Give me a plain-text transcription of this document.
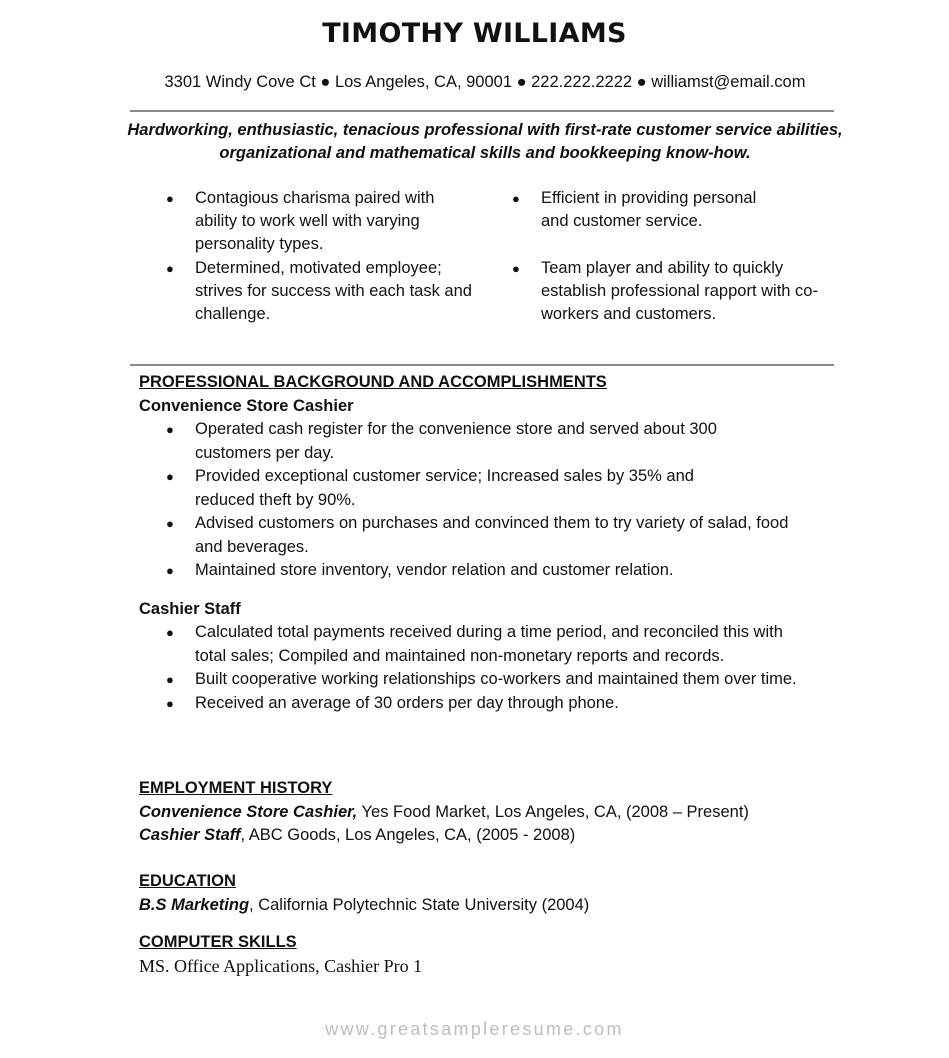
TIMOTHY WILLIAMS
3301 Windy Cove Ct ● Los Angeles, CA, 90001 ● 222.222.2222 ● williamst@email.com
Hardworking, enthusiastic, tenacious professional with first-rate customer service abilities,
organizational and mathematical skills and bookkeeping know-how.
● Contagious charisma paired with ability to work well with varying personality types.
● Determined, motivated employee; strives for success with each task and challenge.
● Efficient in providing personal and customer service.
● Team player and ability to quickly establish professional rapport with co-workers and customers.
PROFESSIONAL BACKGROUND AND ACCOMPLISHMENTS
Convenience Store Cashier
● Operated cash register for the convenience store and served about 300 customers per day.
● Provided exceptional customer service; Increased sales by 35% and reduced theft by 90%.
● Advised customers on purchases and convinced them to try variety of salad, food and beverages.
● Maintained store inventory, vendor relation and customer relation.
Cashier Staff
● Calculated total payments received during a time period, and reconciled this with total sales; Compiled and maintained non-monetary reports and records.
● Built cooperative working relationships co-workers and maintained them over time.
● Received an average of 30 orders per day through phone.
EMPLOYMENT HISTORY
Convenience Store Cashier, Yes Food Market, Los Angeles, CA, (2008 – Present)
Cashier Staff, ABC Goods, Los Angeles, CA, (2005 - 2008)
EDUCATION
B.S Marketing, California Polytechnic State University (2004)
COMPUTER SKILLS
MS. Office Applications, Cashier Pro 1
www.greatsampleresume.com
